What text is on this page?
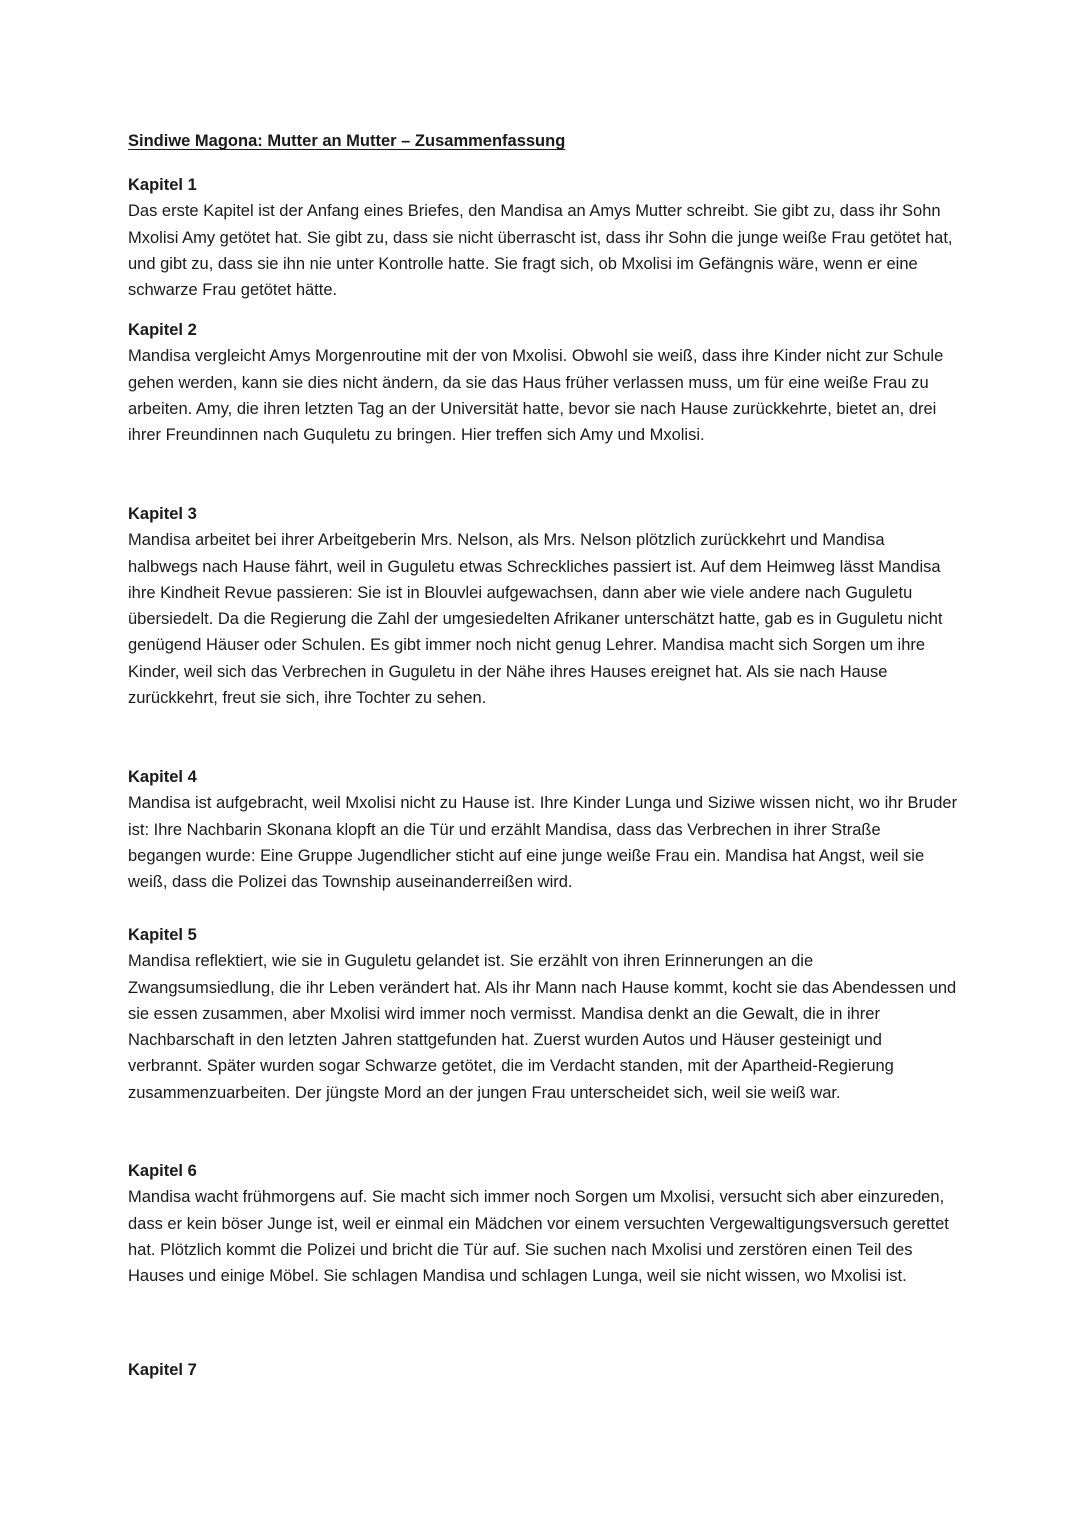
Sindiwe Magona: Mutter an Mutter – Zusammenfassung
Kapitel 1

Das erste Kapitel ist der Anfang eines Briefes, den Mandisa an Amys Mutter schreibt. Sie gibt zu, dass ihr Sohn Mxolisi Amy getötet hat. Sie gibt zu, dass sie nicht überrascht ist, dass ihr Sohn die junge weiße Frau getötet hat, und gibt zu, dass sie ihn nie unter Kontrolle hatte. Sie fragt sich, ob Mxolisi im Gefängnis wäre, wenn er eine schwarze Frau getötet hätte.

Kapitel 2

Mandisa vergleicht Amys Morgenroutine mit der von Mxolisi. Obwohl sie weiß, dass ihre Kinder nicht zur Schule gehen werden, kann sie dies nicht ändern, da sie das Haus früher verlassen muss, um für eine weiße Frau zu arbeiten. Amy, die ihren letzten Tag an der Universität hatte, bevor sie nach Hause zurückkehrte, bietet an, drei ihrer Freundinnen nach Guquletu zu bringen. Hier treffen sich Amy und Mxolisi.

Kapitel 3

Mandisa arbeitet bei ihrer Arbeitgeberin Mrs. Nelson, als Mrs. Nelson plötzlich zurückkehrt und Mandisa halbwegs nach Hause fährt, weil in Guguletu etwas Schreckliches passiert ist. Auf dem Heimweg lässt Mandisa ihre Kindheit Revue passieren: Sie ist in Blouvlei aufgewachsen, dann aber wie viele andere nach Guguletu übersiedelt. Da die Regierung die Zahl der umgesiedelten Afrikaner unterschätzt hatte, gab es in Guguletu nicht genügend Häuser oder Schulen. Es gibt immer noch nicht genug Lehrer. Mandisa macht sich Sorgen um ihre Kinder, weil sich das Verbrechen in Guguletu in der Nähe ihres Hauses ereignet hat. Als sie nach Hause zurückkehrt, freut sie sich, ihre Tochter zu sehen.

Kapitel 4

Mandisa ist aufgebracht, weil Mxolisi nicht zu Hause ist. Ihre Kinder Lunga und Siziwe wissen nicht, wo ihr Bruder ist: Ihre Nachbarin Skonana klopft an die Tür und erzählt Mandisa, dass das Verbrechen in ihrer Straße begangen wurde: Eine Gruppe Jugendlicher sticht auf eine junge weiße Frau ein. Mandisa hat Angst, weil sie weiß, dass die Polizei das Township auseinanderreißen wird.

Kapitel 5

Mandisa reflektiert, wie sie in Guguletu gelandet ist. Sie erzählt von ihren Erinnerungen an die Zwangsumsiedlung, die ihr Leben verändert hat. Als ihr Mann nach Hause kommt, kocht sie das Abendessen und sie essen zusammen, aber Mxolisi wird immer noch vermisst. Mandisa denkt an die Gewalt, die in ihrer Nachbarschaft in den letzten Jahren stattgefunden hat. Zuerst wurden Autos und Häuser gesteinigt und verbrannt. Später wurden sogar Schwarze getötet, die im Verdacht standen, mit der Apartheid-Regierung zusammenzuarbeiten. Der jüngste Mord an der jungen Frau unterscheidet sich, weil sie weiß war.

Kapitel 6

Mandisa wacht frühmorgens auf. Sie macht sich immer noch Sorgen um Mxolisi, versucht sich aber einzureden, dass er kein böser Junge ist, weil er einmal ein Mädchen vor einem versuchten Vergewaltigungsversuch gerettet hat. Plötzlich kommt die Polizei und bricht die Tür auf. Sie suchen nach Mxolisi und zerstören einen Teil des Hauses und einige Möbel. Sie schlagen Mandisa und schlagen Lunga, weil sie nicht wissen, wo Mxolisi ist.

Kapitel 7
